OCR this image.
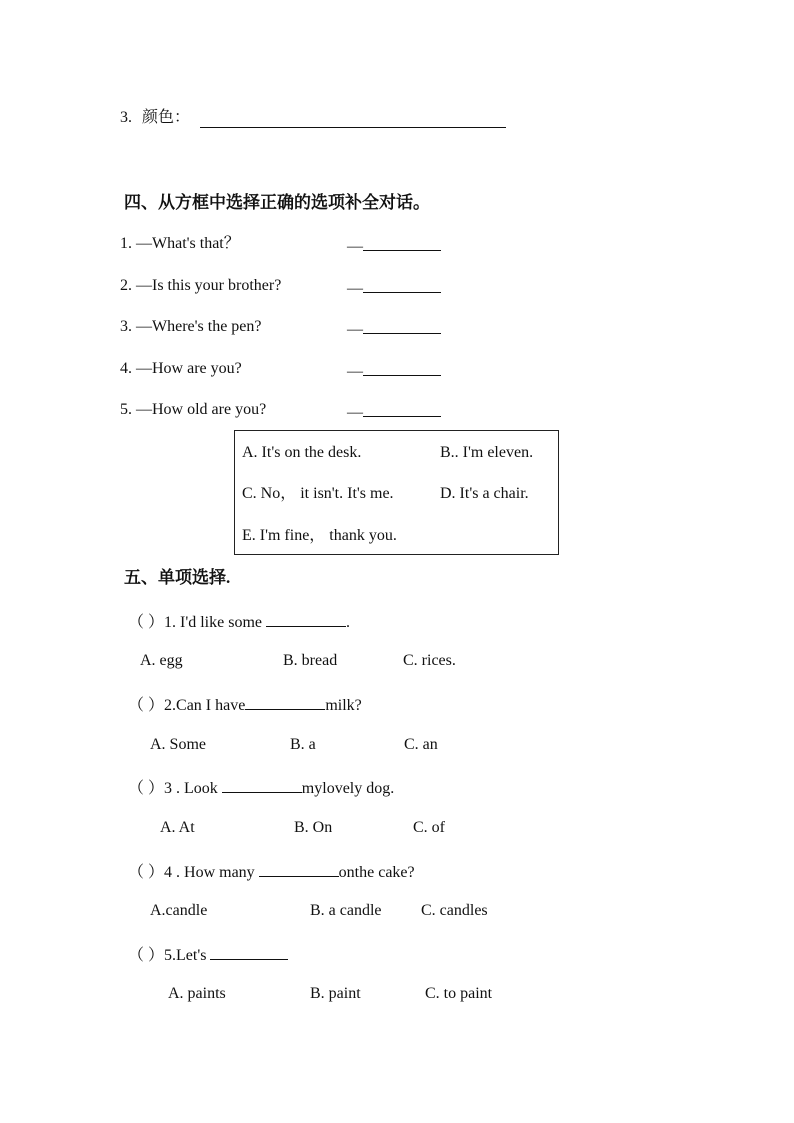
3. 颜色：
四、从方框中选择正确的选项补全对话。
1. —What's that？	—
2. —Is this your brother?	—
3. —Where's the pen?	—
4. —How are you?	—
5. —How old are you?	—
A. It's on the desk.	B.. I'm eleven.
C. No， it isn't. It's me.	D. It's a chair.
E. I'm fine， thank you.
五、单项选择.
（ ）1. I'd like some	.
A. egg	B. bread	C. rices.
（ ）2.Can I have	milk?
A. Some	B. a	C. an
（ ）3 . Look	mylovely dog.
A. At	B. On	C. of
（ ）4 . How many	onthe cake?
A.candle	B. a candle C. candles
（ ）5.Let's
A. paints	B. paint	C. to paint
